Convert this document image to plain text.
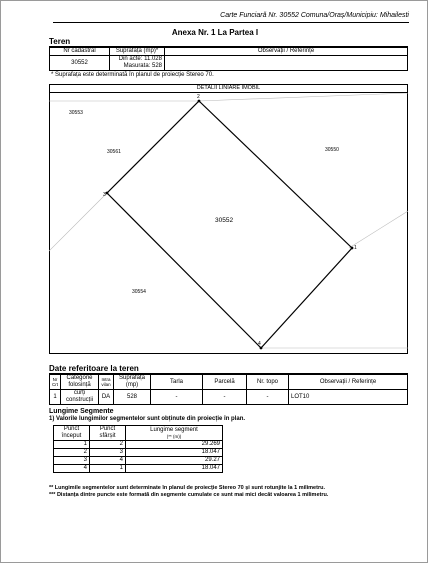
Carte Funciară Nr. 30552 Comuna/Oraș/Municipiu: Mihailesti
Anexa Nr. 1 La Partea I
Teren
Nr cadastral	Suprafața (mp)*	Observații / Referințe
30552	Din acte: 11.028
Masurata: 528	

* Suprafața este determinată în planul de proiecție Stereo 70.
DETALII LINIARE IMOBIL
2
1
4
3
30552
30553
30561	30550
30554
Date referitoare la teren
Nr Crt	Categorie folosință	Intra vilan	Suprafața (mp)	Tarla	Parcelă	Nr. topo	Observații / Referințe
1	curți construcții	DA	528	-	-	-	LOT10
Lungime Segmente
1) Valorile lungimilor segmentelor sunt obținute din proiecție în plan.
Punct început	Punct sfârșit	Lungime segment
(** (m))

1	2	29.269
2	3	18.047
3	4	29.27
4	1	18.047
** Lungimile segmentelor sunt determinate în planul de proiecție Stereo 70 și sunt rotunjite la 1 milimetru.
*** Distanța dintre puncte este formată din segmente cumulate ce sunt mai mici decât valoarea 1 milimetru.
